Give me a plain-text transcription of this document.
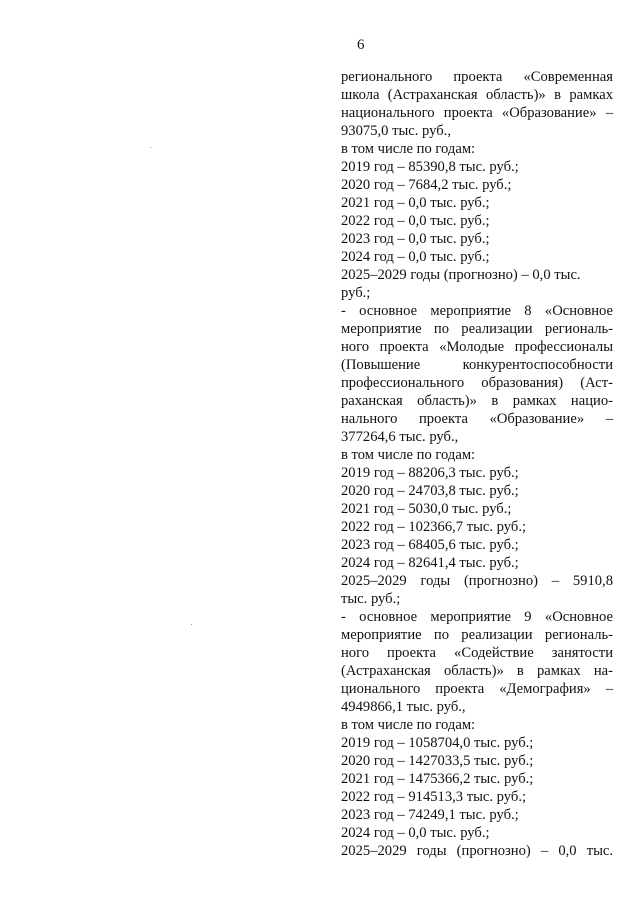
6
регионального проекта «Современная
школа (Астраханская область)» в рамках
национального проекта «Образование» –
93075,0 тыс. руб.,
в том числе по годам:
2019 год – 85390,8 тыс. руб.;
2020 год – 7684,2 тыс. руб.;
2021 год – 0,0 тыс. руб.;
2022 год – 0,0 тыс. руб.;
2023 год – 0,0 тыс. руб.;
2024 год – 0,0 тыс. руб.;
2025–2029 годы (прогнозно) – 0,0 тыс.
руб.;
- основное мероприятие 8 «Основное
мероприятие по реализации региональ-
ного проекта «Молодые профессионалы
(Повышение конкурентоспособности
профессионального образования) (Аст-
раханская область)» в рамках нацио-
нального проекта «Образование» –
377264,6 тыс. руб.,
в том числе по годам:
2019 год – 88206,3 тыс. руб.;
2020 год – 24703,8 тыс. руб.;
2021 год – 5030,0 тыс. руб.;
2022 год – 102366,7 тыс. руб.;
2023 год – 68405,6 тыс. руб.;
2024 год – 82641,4 тыс. руб.;
2025–2029 годы (прогнозно) – 5910,8
тыс. руб.;
- основное мероприятие 9 «Основное
мероприятие по реализации региональ-
ного проекта «Содействие занятости
(Астраханская область)» в рамках на-
ционального проекта «Демография» –
4949866,1 тыс. руб.,
в том числе по годам:
2019 год – 1058704,0 тыс. руб.;
2020 год – 1427033,5 тыс. руб.;
2021 год – 1475366,2 тыс. руб.;
2022 год – 914513,3 тыс. руб.;
2023 год – 74249,1 тыс. руб.;
2024 год – 0,0 тыс. руб.;
2025–2029 годы (прогнозно) – 0,0 тыс.
